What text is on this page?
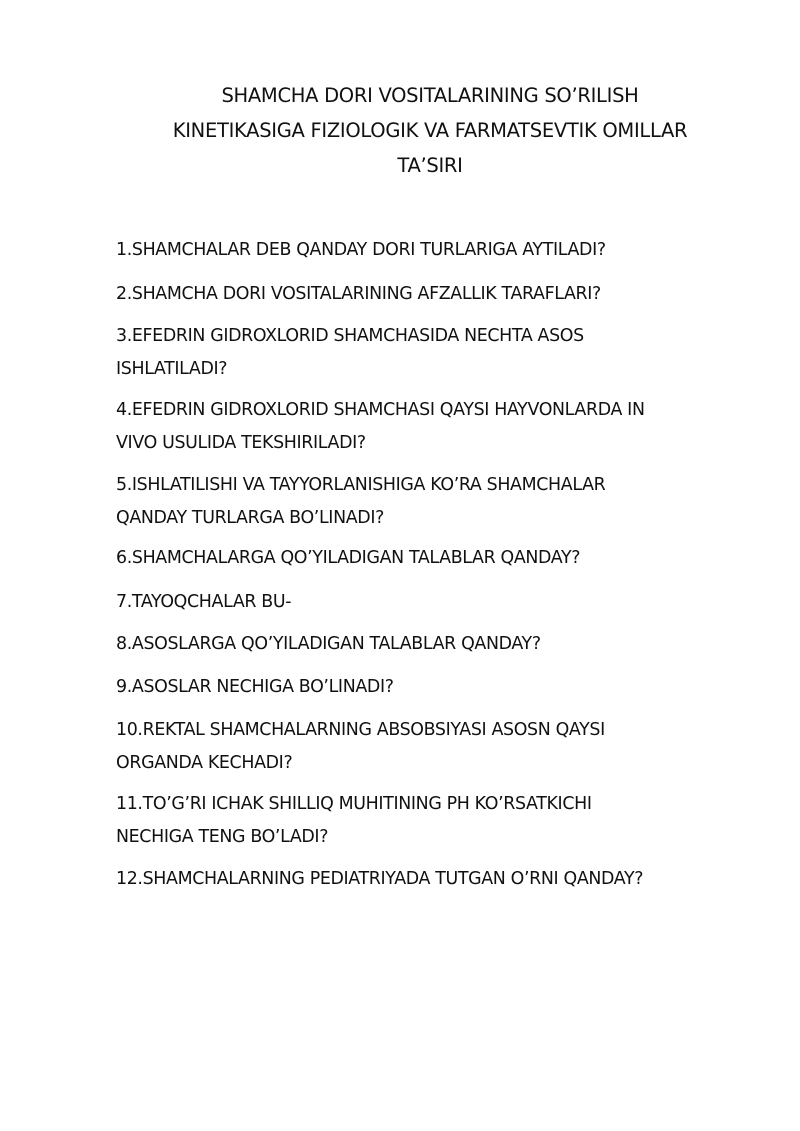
SHAMCHA DORI VOSITALARINING SO’RILISH
KINETIKASIGA FIZIOLOGIK VA FARMATSEVTIK OMILLAR
TA’SIRI
1.SHAMCHALAR DEB QANDAY DORI TURLARIGA AYTILADI?
2.SHAMCHA DORI VOSITALARINING AFZALLIK TARAFLARI?
3.EFEDRIN GIDROXLORID SHAMCHASIDA NECHTA ASOS
ISHLATILADI?
4.EFEDRIN GIDROXLORID SHAMCHASI QAYSI HAYVONLARDA IN
VIVO USULIDA TEKSHIRILADI?
5.ISHLATILISHI VA TAYYORLANISHIGA KO’RA SHAMCHALAR
QANDAY TURLARGA BO’LINADI?
6.SHAMCHALARGA QO’YILADIGAN TALABLAR QANDAY?
7.TAYOQCHALAR BU-
8.ASOSLARGA QO’YILADIGAN TALABLAR QANDAY?
9.ASOSLAR NECHIGA BO’LINADI?
10.REKTAL SHAMCHALARNING ABSOBSIYASI ASOSN QAYSI
ORGANDA KECHADI?
11.TO’G’RI ICHAK SHILLIQ MUHITINING PH KO’RSATKICHI
NECHIGA TENG BO’LADI?
12.SHAMCHALARNING PEDIATRIYADA TUTGAN O’RNI QANDAY?
